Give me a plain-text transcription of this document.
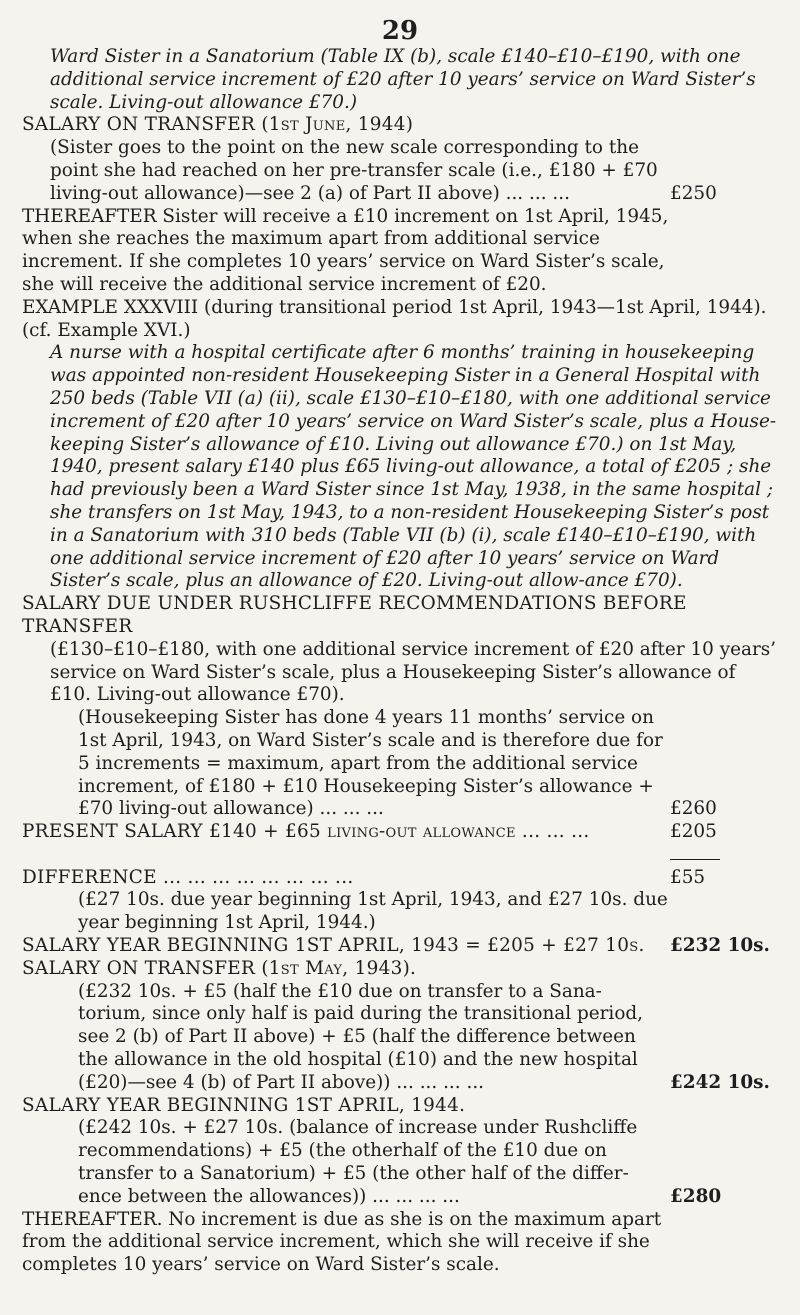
29

Ward Sister in a Sanatorium (Table IX (b), scale £140–£10–£190, with one additional service increment of £20 after 10 years’ service on Ward Sister’s scale. Living-out allowance £70.)

SALARY ON TRANSFER (1st June, 1944)

(Sister goes to the point on the new scale corresponding to the point she had reached on her pre-transfer scale (i.e., £180 + £70 living-out allowance)—see 2 (a) of Part II above) ... ... ...	£250

THEREAFTER Sister will receive a £10 increment on 1st April, 1945, when she reaches the maximum apart from additional service increment. If she completes 10 years’ service on Ward Sister’s scale, she will receive the additional service increment of £20.

EXAMPLE XXXVIII (during transitional period 1st April, 1943—1st April, 1944). (cf. Example XVI.)

A nurse with a hospital certificate after 6 months’ training in housekeeping was appointed non-resident Housekeeping Sister in a General Hospital with 250 beds (Table VII (a) (ii), scale £130–£10–£180, with one additional service increment of £20 after 10 years’ service on Ward Sister’s scale, plus a House-keeping Sister’s allowance of £10. Living out allowance £70.) on 1st May, 1940, present salary £140 plus £65 living-out allowance, a total of £205 ; she had previously been a Ward Sister since 1st May, 1938, in the same hospital ; she transfers on 1st May, 1943, to a non-resident Housekeeping Sister’s post in a Sanatorium with 310 beds (Table VII (b) (i), scale £140–£10–£190, with one additional service increment of £20 after 10 years’ service on Ward Sister’s scale, plus an allowance of £20. Living-out allow-ance £70).

SALARY DUE UNDER RUSHCLIFFE RECOMMENDATIONS BEFORE TRANSFER

(£130–£10–£180, with one additional service increment of £20 after 10 years’ service on Ward Sister’s scale, plus a Housekeeping Sister’s allowance of £10. Living-out allowance £70).

(Housekeeping Sister has done 4 years 11 months’ service on 1st April, 1943, on Ward Sister’s scale and is therefore due for 5 increments = maximum, apart from the additional service increment, of £180 + £10 Housekeeping Sister’s allowance + £70 living-out allowance) ... ... ...	£260
PRESENT SALARY £140 + £65 living-out allowance ... ... ...	£205
DIFFERENCE ... ... ... ... ... ... ... ...	£55

(£27 10s. due year beginning 1st April, 1943, and £27 10s. due year beginning 1st April, 1944.)

SALARY YEAR BEGINNING 1ST APRIL, 1943 = £205 + £27 10s.	£232 10s.

SALARY ON TRANSFER (1st May, 1943).

(£232 10s. + £5 (half the £10 due on transfer to a Sana-torium, since only half is paid during the transitional period, see 2 (b) of Part II above) + £5 (half the difference between the allowance in the old hospital (£10) and the new hospital (£20)—see 4 (b) of Part II above)) ... ... ... ...	£242 10s.

SALARY YEAR BEGINNING 1ST APRIL, 1944.

(£242 10s. + £27 10s. (balance of increase under Rushcliffe recommendations) + £5 (the otherhalf of the £10 due on transfer to a Sanatorium) + £5 (the other half of the differ-ence between the allowances)) ... ... ... ...	£280

THEREAFTER. No increment is due as she is on the maximum apart from the additional service increment, which she will receive if she completes 10 years’ service on Ward Sister’s scale.
